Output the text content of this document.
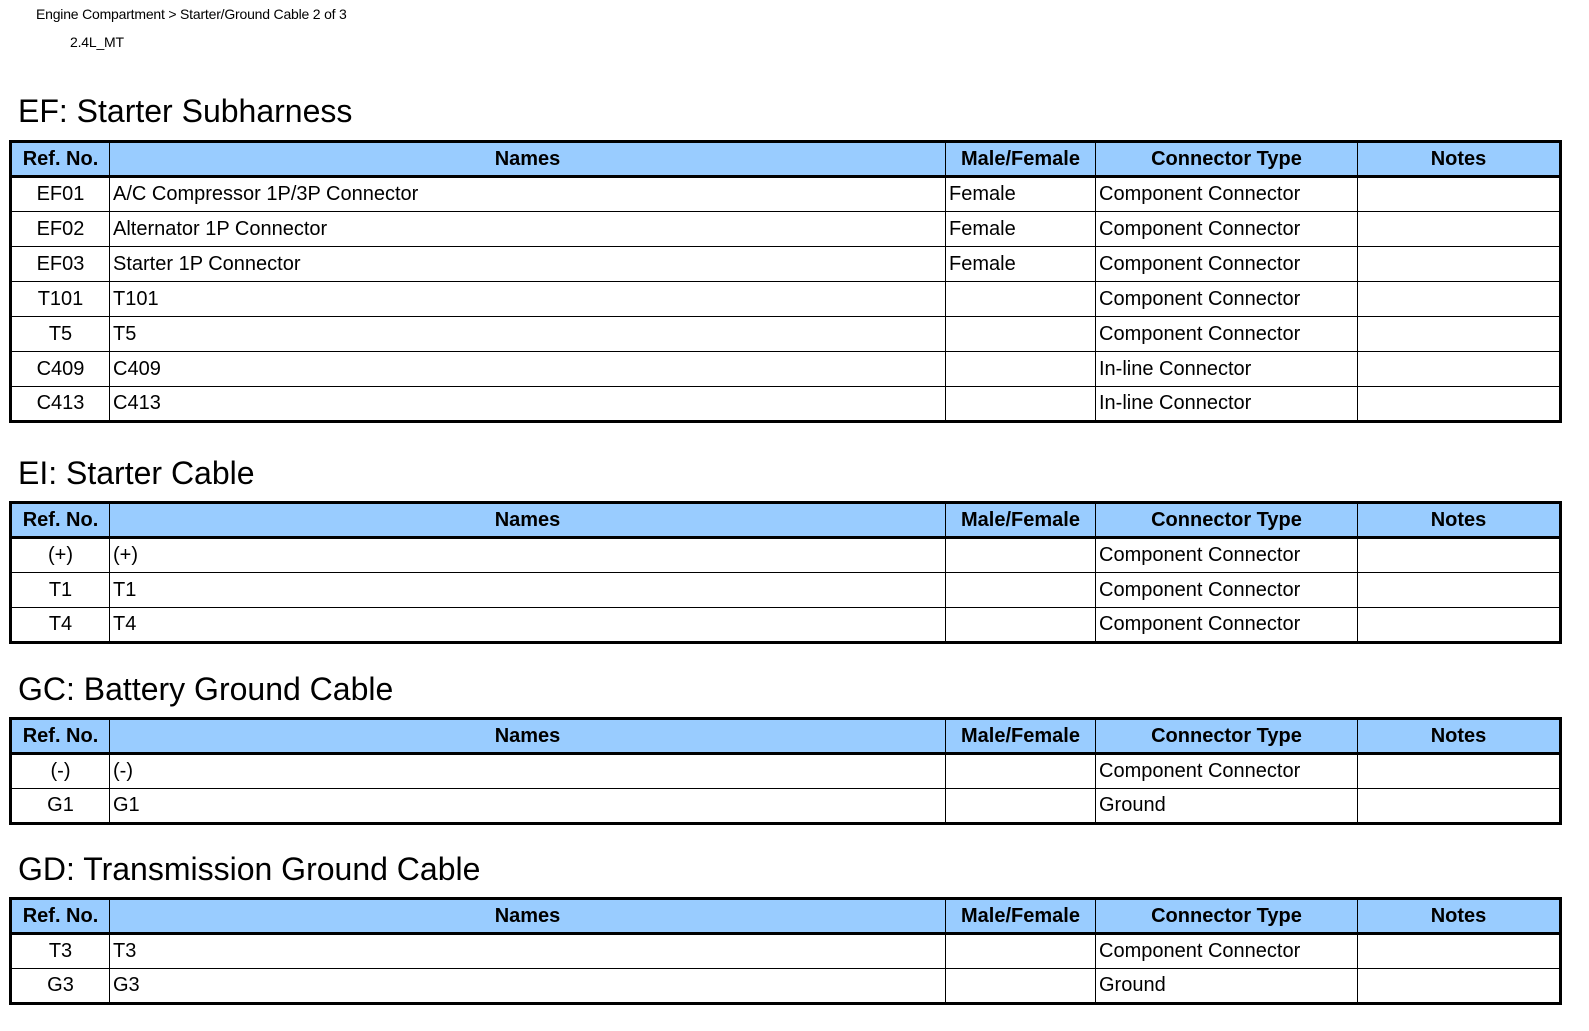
Engine Compartment > Starter/Ground Cable 2 of 3
2.4L_MT
EF: Starter Subharness
Ref. No.	Names	Male/Female	Connector Type	Notes
EF01	A/C Compressor 1P/3P Connector	Female	Component Connector	
EF02	Alternator 1P Connector	Female	Component Connector	
EF03	Starter 1P Connector	Female	Component Connector	
T101	T101		Component Connector	
T5	T5		Component Connector	
C409	C409		In-line Connector	
C413	C413		In-line Connector	
EI: Starter Cable
Ref. No.	Names	Male/Female	Connector Type	Notes
(+)	(+)		Component Connector	
T1	T1		Component Connector	
T4	T4		Component Connector	
GC: Battery Ground Cable
Ref. No.	Names	Male/Female	Connector Type	Notes
(-)	(-)		Component Connector	
G1	G1		Ground	
GD: Transmission Ground Cable
Ref. No.	Names	Male/Female	Connector Type	Notes
T3	T3		Component Connector	
G3	G3		Ground	
